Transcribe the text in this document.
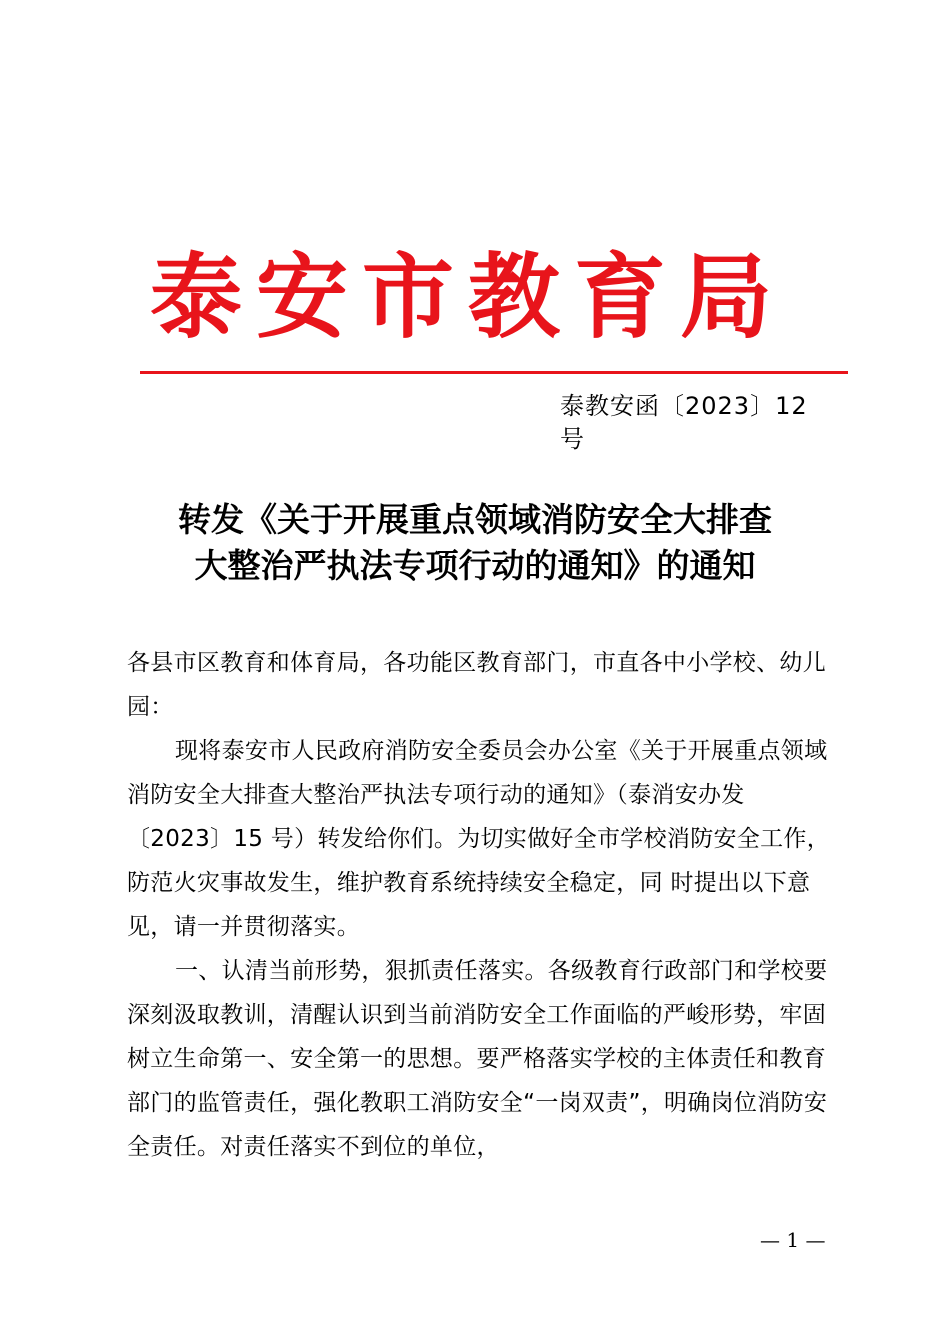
泰安市教育局
泰教安函〔2023〕12号
转发《关于开展重点领域消防安全大排查
大整治严执法专项行动的通知》的通知

各县市区教育和体育局，各功能区教育部门，市直各中小学校、幼儿园：

现将泰安市人民政府消防安全委员会办公室《关于开展重点领域消防安全大排查大整治严执法专项行动的通知》（泰消安办发〔2023〕15 号）转发给你们。为切实做好全市学校消防安全工作，防范火灾事故发生，维护教育系统持续安全稳定，同 时提出以下意见，请一并贯彻落实。

一、认清当前形势，狠抓责任落实。各级教育行政部门和学校要深刻汲取教训，清醒认识到当前消防安全工作面临的严峻形势，牢固树立生命第一、安全第一的思想。要严格落实学校的主体责任和教育部门的监管责任，强化教职工消防安全“一岗双责”，明确岗位消防安全责任。对责任落实不到位的单位，

— 1 —
